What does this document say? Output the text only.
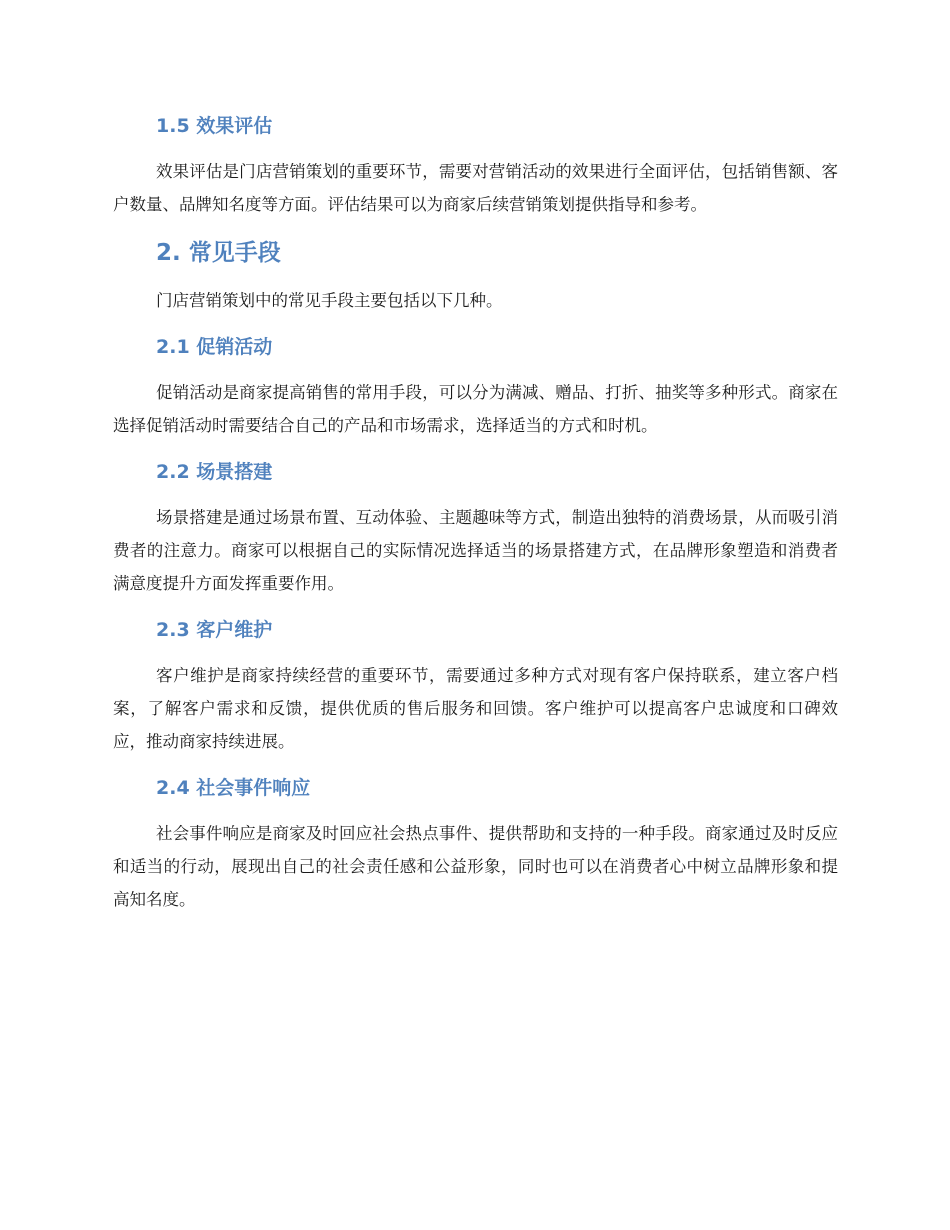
1.5 效果评估

效果评估是门店营销策划的重要环节，需要对营销活动的效果进行全面评估，包括销售额、客户数量、品牌知名度等方面。评估结果可以为商家后续营销策划提供指导和参考。

2. 常见手段

门店营销策划中的常见手段主要包括以下几种。

2.1 促销活动

促销活动是商家提高销售的常用手段，可以分为满减、赠品、打折、抽奖等多种形式。商家在选择促销活动时需要结合自己的产品和市场需求，选择适当的方式和时机。

2.2 场景搭建

场景搭建是通过场景布置、互动体验、主题趣味等方式，制造出独特的消费场景，从而吸引消费者的注意力。商家可以根据自己的实际情况选择适当的场景搭建方式，在品牌形象塑造和消费者满意度提升方面发挥重要作用。

2.3 客户维护

客户维护是商家持续经营的重要环节，需要通过多种方式对现有客户保持联系，建立客户档案，了解客户需求和反馈，提供优质的售后服务和回馈。客户维护可以提高客户忠诚度和口碑效应，推动商家持续进展。

2.4 社会事件响应

社会事件响应是商家及时回应社会热点事件、提供帮助和支持的一种手段。商家通过及时反应和适当的行动，展现出自己的社会责任感和公益形象，同时也可以在消费者心中树立品牌形象和提高知名度。
